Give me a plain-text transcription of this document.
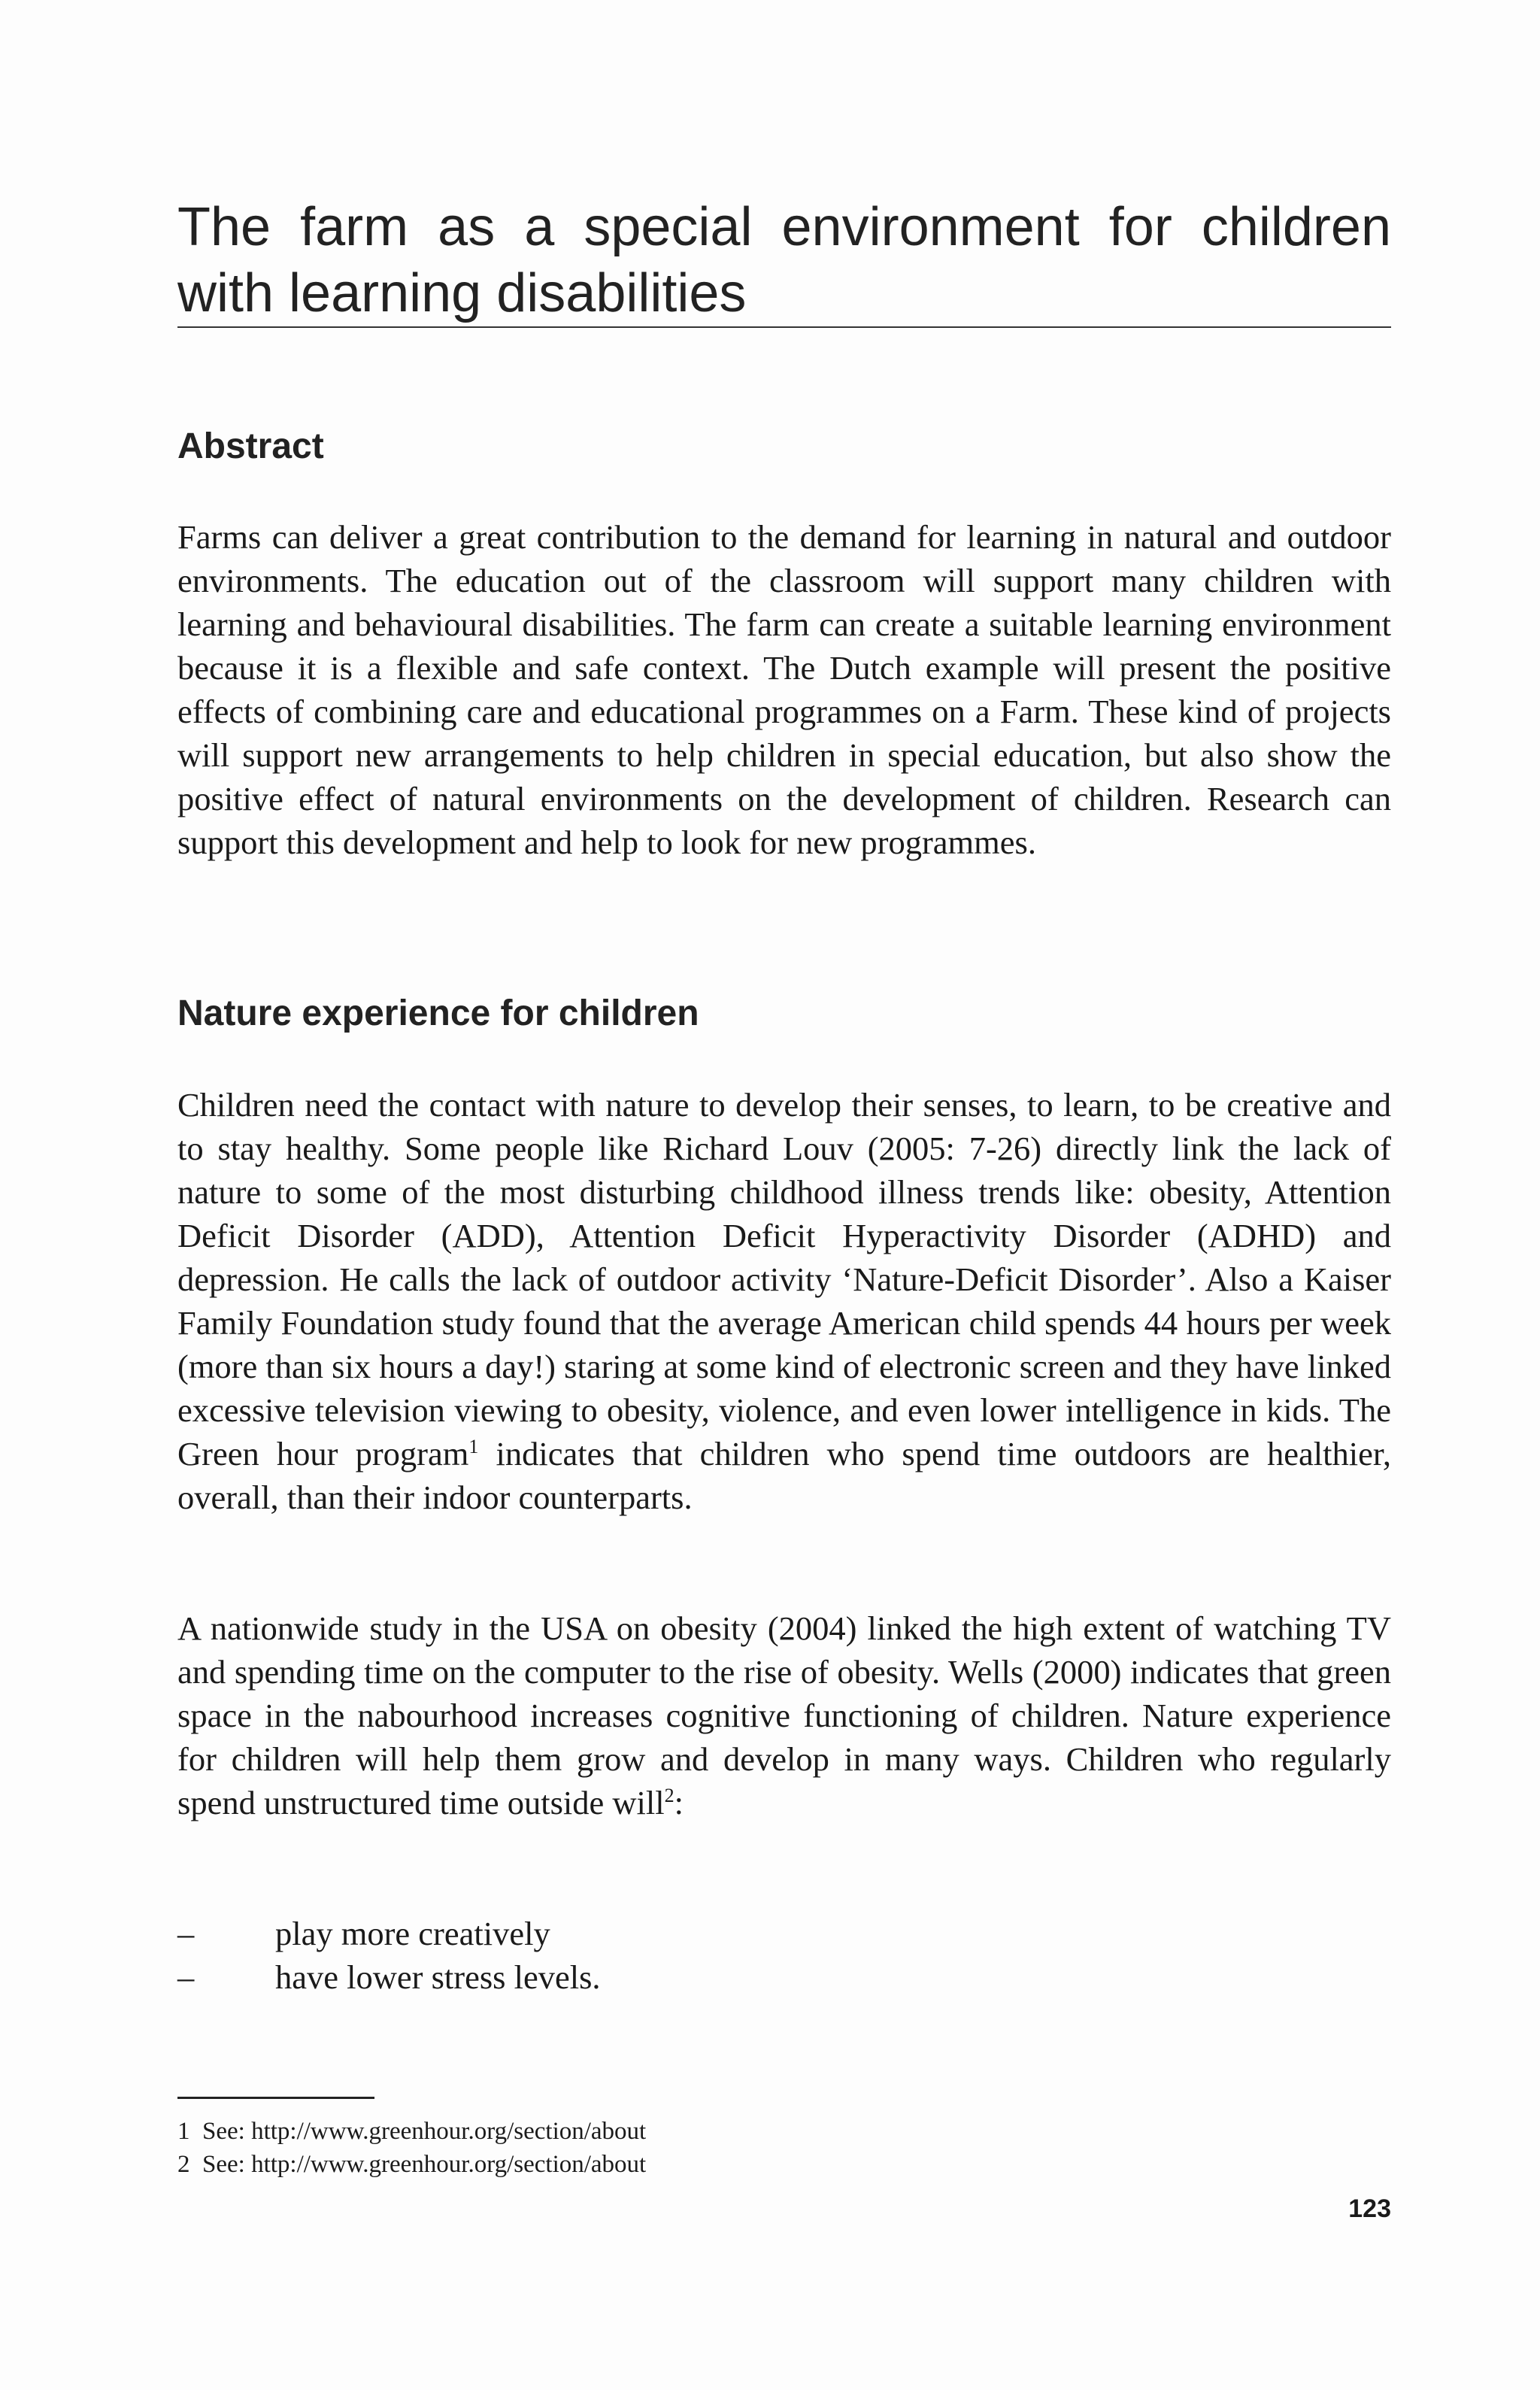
The farm as a special environment for children with learning disabilities
Abstract

Farms can deliver a great contribution to the demand for learning in natural and outdoor environments. The education out of the classroom will support many children with learning and behavioural disabilities. The farm can create a suitable learning environment because it is a flexible and safe context. The Dutch example will present the positive effects of combining care and educational programmes on a Farm. These kind of projects will support new arrangements to help children in special education, but also show the positive effect of natural environments on the development of children. Research can support this development and help to look for new programmes.

Nature experience for children

Children need the contact with nature to develop their senses, to learn, to be creative and to stay healthy. Some people like Richard Louv (2005: 7-26) directly link the lack of nature to some of the most disturbing childhood illness trends like: obesity, Attention Deficit Disorder (ADD), Attention Deficit Hyperactivity Disorder (ADHD) and depression. He calls the lack of outdoor activity ‘Nature-Deficit Disorder’. Also a Kaiser Family Foundation study found that the average American child spends 44 hours per week (more than six hours a day!) staring at some kind of electronic screen and they have linked excessive television viewing to obesity, violence, and even lower intelligence in kids. The Green hour program$^1$ indicates that children who spend time outdoors are healthier, overall, than their indoor counterparts.

A nationwide study in the USA on obesity (2004) linked the high extent of watching TV and spending time on the computer to the rise of obesity. Wells (2000) indicates that green space in the nabourhood increases cognitive functioning of children. Nature experience for children will help them grow and develop in many ways. Children who regularly spend unstructured time outside will$^2$:

– play more creatively
– have lower stress levels.
1  See: http://www.greenhour.org/section/about
2  See: http://www.greenhour.org/section/about
123
